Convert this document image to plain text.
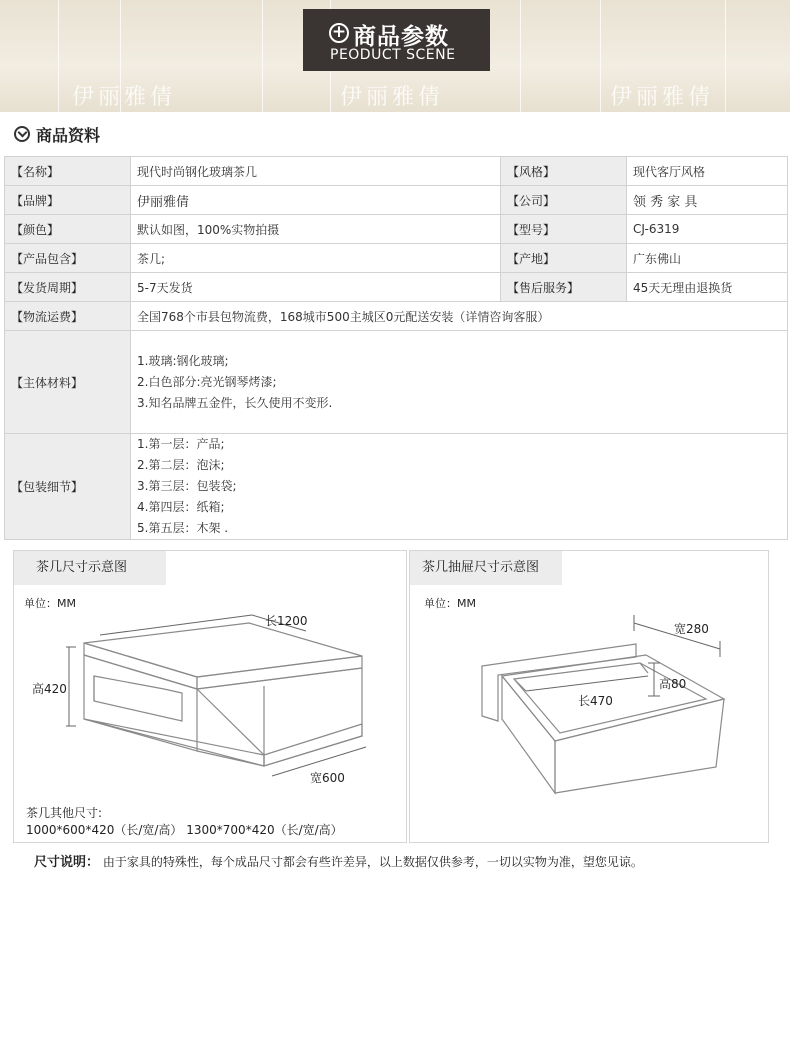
伊丽雅倩	伊丽雅倩	伊丽雅倩
+ 商品参数
PEODUCT SCENE
商品资料
【名称】	现代时尚钢化玻璃茶几	【风格】	现代客厅风格
【品牌】	伊丽雅倩	【公司】	领 秀 家 具
【颜色】	默认如图，100%实物拍摄	【型号】	CJ-6319
【产品包含】	茶几;	【产地】	广东佛山
【发货周期】	5-7天发货	【售后服务】	45天无理由退换货
【物流运费】	全国768个市县包物流费，168城市500主城区0元配送安装（详情咨询客服）		
【主体材料】	1.玻璃:钢化玻璃;
2.白色部分:亮光钢琴烤漆;
3.知名品牌五金件，长久使用不变形.		

【包装细节】	1.第一层：产品;
2.第二层：泡沫;
3.第三层：包装袋;
4.第四层：纸箱;
5.第五层：木架 .		
长1200
高420
宽600
茶几尺寸示意图
单位：MM
宽280
高80
长470
茶几抽屉尺寸示意图
单位：MM
茶几其他尺寸:
1000*600*420（长/宽/高） 1300*700*420（长/宽/高）
尺寸说明： 由于家具的特殊性，每个成品尺寸都会有些许差异，以上数据仅供参考，一切以实物为准，望您见谅。
